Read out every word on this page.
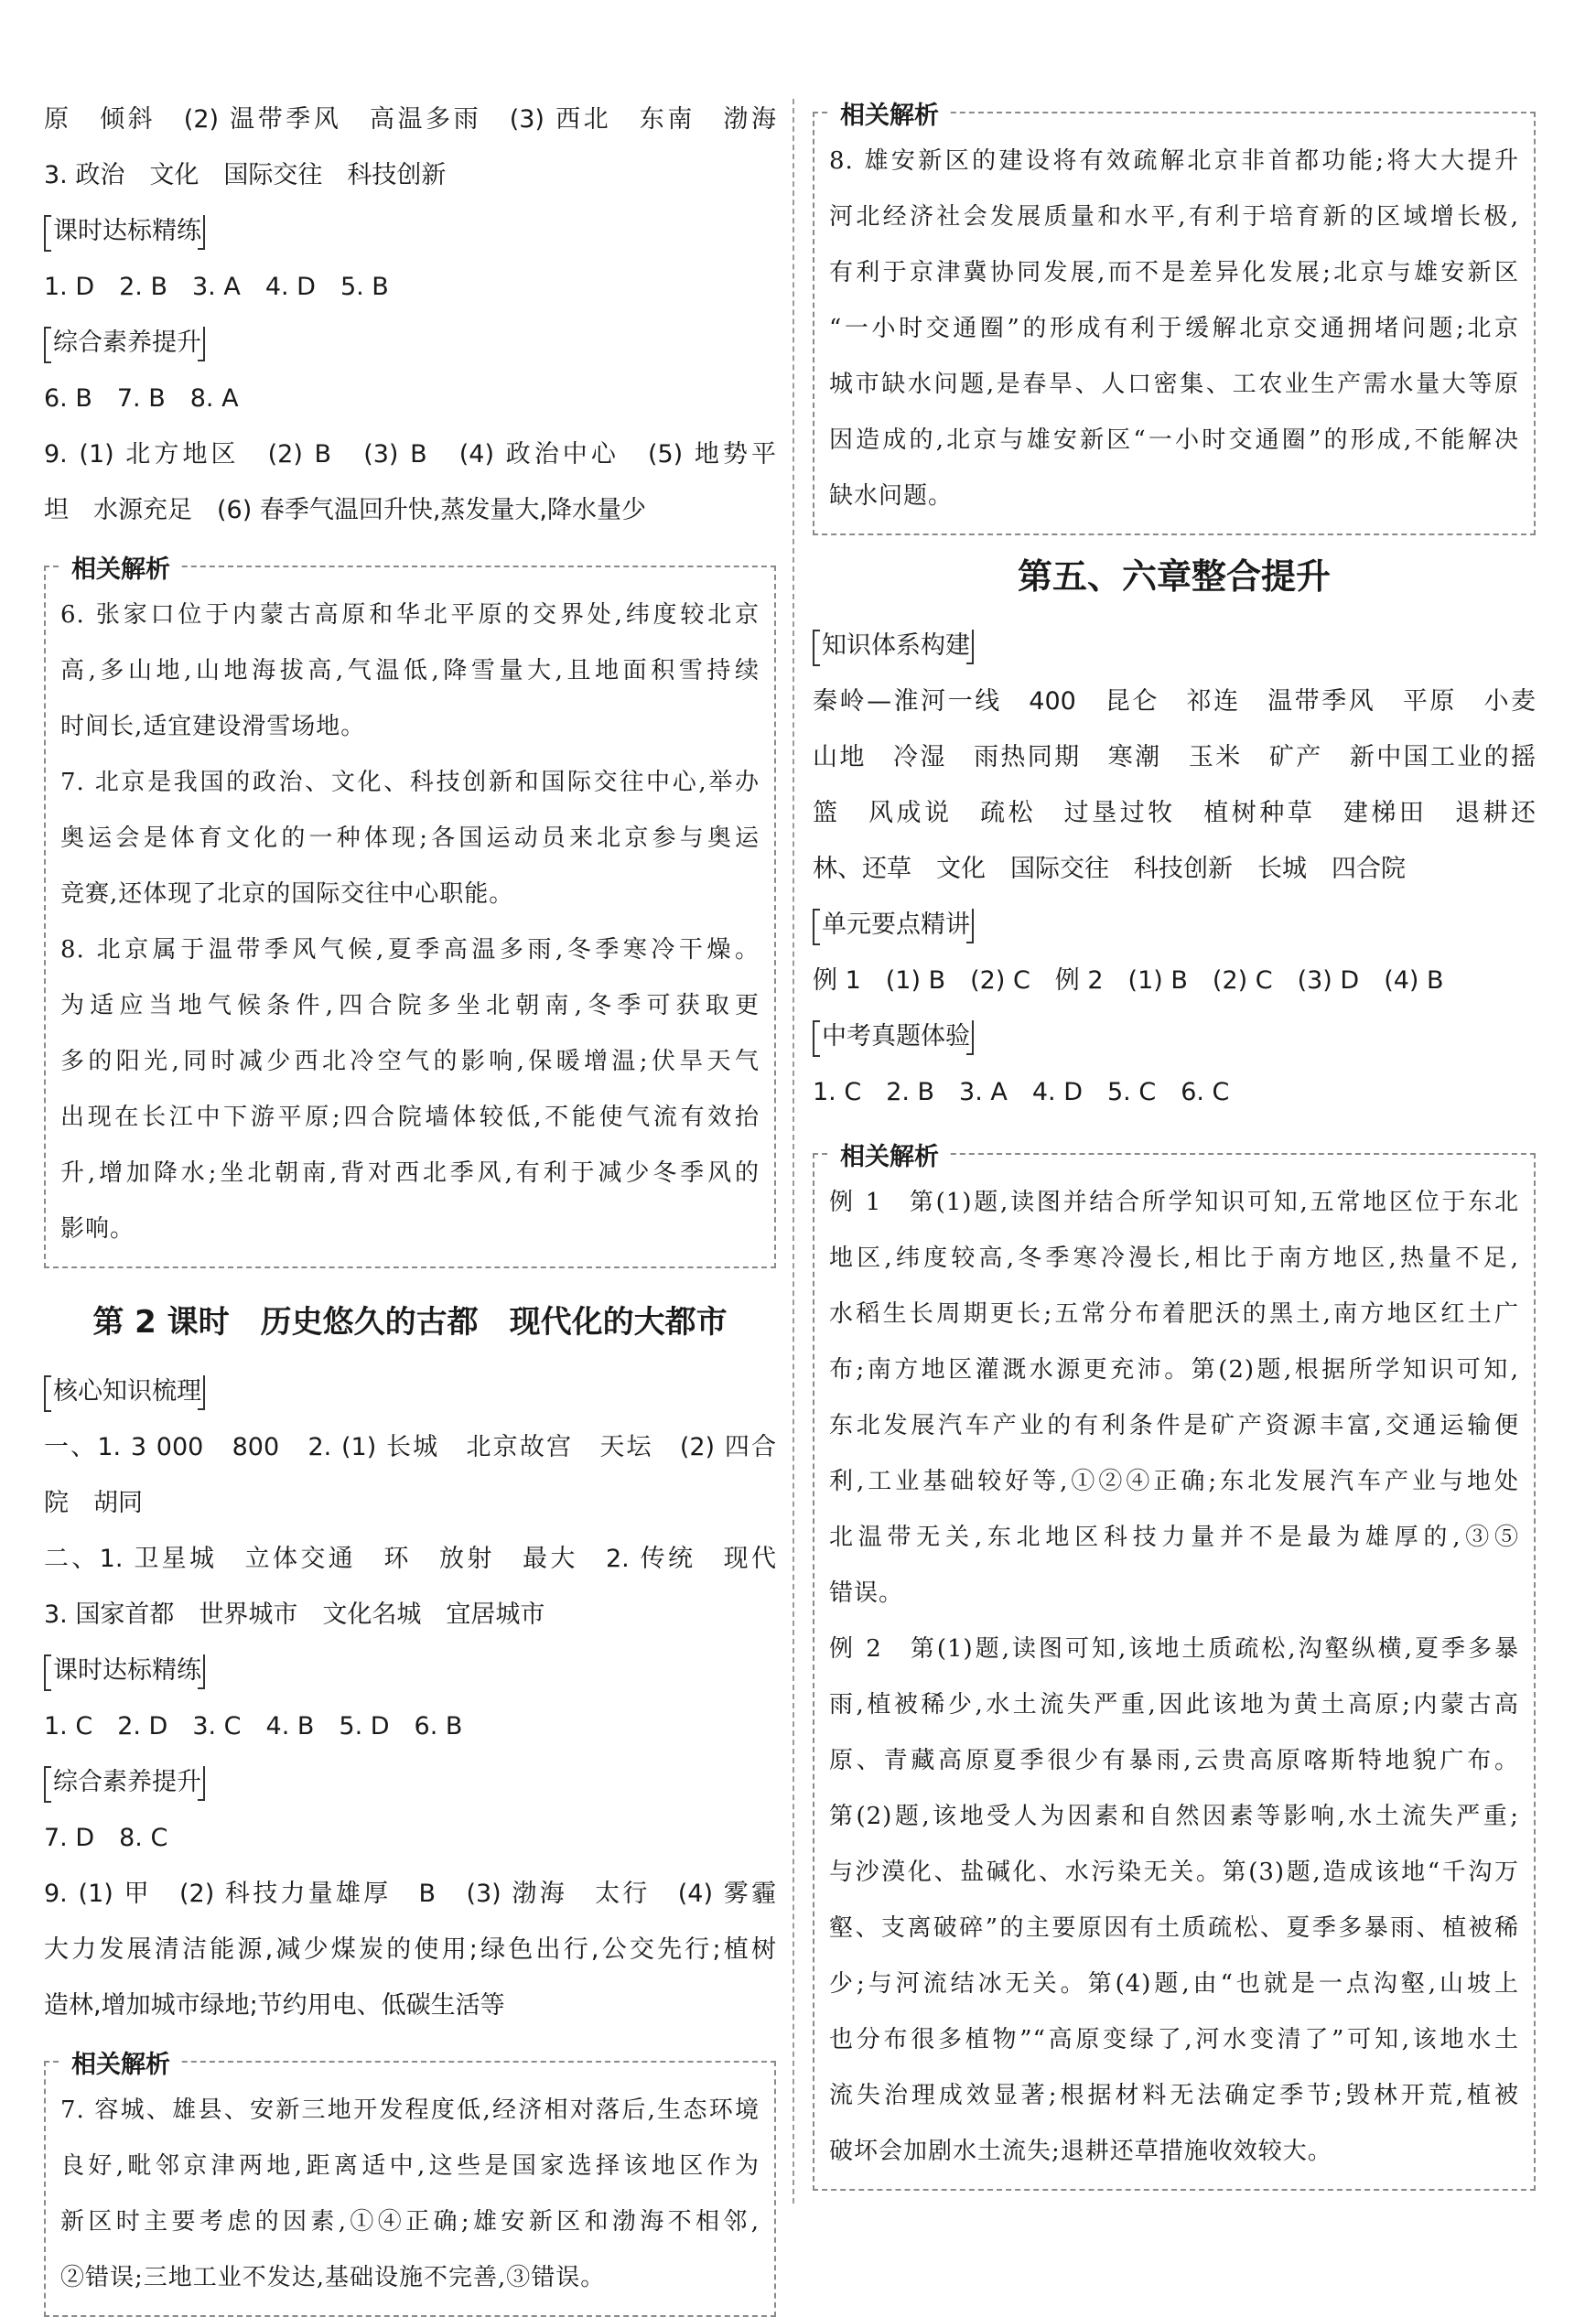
原　倾斜　(2) 温带季风　高温多雨　(3) 西北　东南　渤海
3. 政治　文化　国际交往　科技创新
课时达标精练
1. D　2. B　3. A　4. D　5. B
综合素养提升
6. B　7. B　8. A
9. (1) 北方地区　(2) B　(3) B　(4) 政治中心　(5) 地势平
坦　水源充足　(6) 春季气温回升快,蒸发量大,降水量少
相关解析
6. 张家口位于内蒙古高原和华北平原的交界处,纬度较北京
高,多山地,山地海拔高,气温低,降雪量大,且地面积雪持续
时间长,适宜建设滑雪场地。
7. 北京是我国的政治、文化、科技创新和国际交往中心,举办
奥运会是体育文化的一种体现;各国运动员来北京参与奥运
竞赛,还体现了北京的国际交往中心职能。
8. 北京属于温带季风气候,夏季高温多雨,冬季寒冷干燥。
为适应当地气候条件,四合院多坐北朝南,冬季可获取更
多的阳光,同时减少西北冷空气的影响,保暖增温;伏旱天气
出现在长江中下游平原;四合院墙体较低,不能使气流有效抬
升,增加降水;坐北朝南,背对西北季风,有利于减少冬季风的
影响。
第 2 课时　历史悠久的古都　现代化的大都市
核心知识梳理
一、1. 3 000　800　2. (1) 长城　北京故宫　天坛　(2) 四合
院　胡同
二、1. 卫星城　立体交通　环　放射　最大　2. 传统　现代
3. 国家首都　世界城市　文化名城　宜居城市
课时达标精练
1. C　2. D　3. C　4. B　5. D　6. B
综合素养提升
7. D　8. C
9. (1) 甲　(2) 科技力量雄厚　B　(3) 渤海　太行　(4) 雾霾
大力发展清洁能源,减少煤炭的使用;绿色出行,公交先行;植树
造林,增加城市绿地;节约用电、低碳生活等
相关解析
7. 容城、雄县、安新三地开发程度低,经济相对落后,生态环境
良好,毗邻京津两地,距离适中,这些是国家选择该地区作为
新区时主要考虑的因素,①④正确;雄安新区和渤海不相邻,
②错误;三地工业不发达,基础设施不完善,③错误。
相关解析
8. 雄安新区的建设将有效疏解北京非首都功能;将大大提升
河北经济社会发展质量和水平,有利于培育新的区域增长极,
有利于京津冀协同发展,而不是差异化发展;北京与雄安新区
“一小时交通圈”的形成有利于缓解北京交通拥堵问题;北京
城市缺水问题,是春旱、人口密集、工农业生产需水量大等原
因造成的,北京与雄安新区“一小时交通圈”的形成,不能解决
缺水问题。
第五、六章整合提升
知识体系构建
秦岭—淮河一线　400　昆仑　祁连　温带季风　平原　小麦
山地　冷湿　雨热同期　寒潮　玉米　矿产　新中国工业的摇
篮　风成说　疏松　过垦过牧　植树种草　建梯田　退耕还
林、还草　文化　国际交往　科技创新　长城　四合院
单元要点精讲
例 1　(1) B　(2) C　例 2　(1) B　(2) C　(3) D　(4) B
中考真题体验
1. C　2. B　3. A　4. D　5. C　6. C
相关解析
例 1　第(1)题,读图并结合所学知识可知,五常地区位于东北
地区,纬度较高,冬季寒冷漫长,相比于南方地区,热量不足,
水稻生长周期更长;五常分布着肥沃的黑土,南方地区红土广
布;南方地区灌溉水源更充沛。第(2)题,根据所学知识可知,
东北发展汽车产业的有利条件是矿产资源丰富,交通运输便
利,工业基础较好等,①②④正确;东北发展汽车产业与地处
北温带无关,东北地区科技力量并不是最为雄厚的,③⑤
错误。
例 2　第(1)题,读图可知,该地土质疏松,沟壑纵横,夏季多暴
雨,植被稀少,水土流失严重,因此该地为黄土高原;内蒙古高
原、青藏高原夏季很少有暴雨,云贵高原喀斯特地貌广布。
第(2)题,该地受人为因素和自然因素等影响,水土流失严重;
与沙漠化、盐碱化、水污染无关。第(3)题,造成该地“千沟万
壑、支离破碎”的主要原因有土质疏松、夏季多暴雨、植被稀
少;与河流结冰无关。第(4)题,由“也就是一点沟壑,山坡上
也分布很多植物”“高原变绿了,河水变清了”可知,该地水土
流失治理成效显著;根据材料无法确定季节;毁林开荒,植被
破坏会加剧水土流失;退耕还草措施收效较大。
